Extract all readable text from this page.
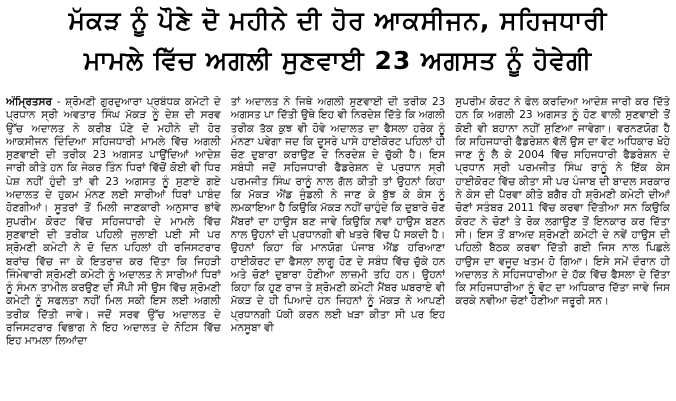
ਮੱਕੜ ਨੂੰ ਪੌਣੇ ਦੋ ਮਹੀਨੇ ਦੀ ਹੋਰ ਆਕਸੀਜਨ, ਸਹਿਜਧਾਰੀ
ਮਾਮਲੇ ਵਿੱਚ ਅਗਲੀ ਸੁਣਵਾਈ 23 ਅਗਸਤ ਨੂੰ ਹੋਵੇਗੀ
ਅੰਮ੍ਰਿਤਸਰ - ਸ਼੍ਰੋਮਣੀ ਗੁਰਦੁਆਰਾ ਪ੍ਰਬੰਧਕ ਕਮੇਟੀ ਦੇ ਪ੍ਰਧਾਨ ਸ੍ਰੀ ਅਵਤਾਰ ਸਿੰਘ ਮੱਕੜ ਨੂੰ ਦੇਸ਼ ਦੀ ਸਰਵ ਉੱਚ ਅਦਾਲਤ ਨੇ ਕਰੀਬ ਪੌਣੇ ਦੋ ਮਹੀਨੇ ਦੀ ਹੋਰ ਆਕਸੀਜਨ ਦਿੰਦਿਆ ਸਹਿਜਧਾਰੀ ਮਾਮਲੇ ਵਿੱਚ ਅਗਲੀ ਸੁਣਵਾਈ ਦੀ ਤਰੀਕ 23 ਅਗਸਤ ਪਾਉਂਦਿਆਂ ਆਦੇਸ਼ ਜਾਰੀ ਕੀਤੇ ਹਨ ਕਿ ਜੇਕਰ ਤਿੰਨ ਧਿਰਾਂ ਵਿੱਚੋਂ ਕੋਈ ਵੀ ਧਿਰ ਪੇਸ਼ ਨਹੀਂ ਹੁੰਦੀ ਤਾਂ ਵੀ 23 ਅਗਸਤ ਨੂੰ ਸੁਣਾਏ ਗਏ ਅਦਾਲਤ ਦੇ ਹੁਕਮ ਮੰਨਣ ਲਈ ਸਾਰੀਆਂ ਧਿਰਾਂ ਪਾਬੰਦ ਹੋਣਗੀਆਂ। ਸੂਤਰਾਂ ਤੋਂ ਮਿਲੀ ਜਾਣਕਾਰੀ ਅਨੁਸਾਰ ਭਾਂਵੇ ਸੁਪਰੀਮ ਕੋਰਟ ਵਿੱਚ ਸਹਿਜਧਾਰੀ ਦੇ ਮਾਮਲੇ ਵਿੱਚ ਸੁਣਵਾਈ ਦੀ ਤਰੀਕ ਪਹਿਲੀ ਜੁਲਾਈ ਪਈ ਸੀ ਪਰ ਸ਼੍ਰੋਮਣੀ ਕਮੇਟੀ ਨੇ ਦੋ ਦਿਨ ਪਹਿਲਾਂ ਹੀ ਰਜਿਸਟਰਾਰ ਬਰਾਂਚ ਵਿੱਚ ਜਾ ਕੇ ਇਤਰਾਜ਼ ਕਰ ਦਿੱਤਾ ਕਿ ਜਿਹੜੀ ਜਿੰਮੇਵਾਰੀ ਸ਼੍ਰੋਮਣੀ ਕਮੇਟੀ ਨੂੰ ਅਦਾਲਤ ਨੇ ਸਾਰੀਆਂ ਧਿਰਾਂ ਨੂੰ ਸੰਮਨ ਤਾਮੀਲ ਕਰਉਣ ਦੀ ਸੌਂਪੀ ਸੀ ਉਸ ਵਿੱਚ ਸ਼੍ਰੋਮਣੀ ਕਮੇਟੀ ਨੂੰ ਸਫਲਤਾ ਨਹੀਂ ਮਿਲ ਸਕੀ ਇਸ ਲਈ ਅਗਲੀ ਤਰੀਕ ਦਿੱਤੀ ਜਾਵੇ। ਜਦੋਂ ਸਰਵ ਉੱਚ ਅਦਾਲਤ ਦੇ ਰਜਿਸਟਰਾਰ ਵਿਭਾਗ ਨੇ ਇਹ ਅਦਾਲਤ ਦੇ ਨੋਟਿਸ ਵਿੱਚ ਇਹ ਮਾਮਲਾ ਲਿਆਂਦਾ
ਤਾਂ ਅਦਾਲਤ ਨੇ ਜਿਥੇ ਅਗਲੀ ਸੁਣਵਾਈ ਦੀ ਤਰੀਕ 23 ਅਗਸਤ ਪਾ ਦਿੱਤੀ ਉਥੇ ਇਹ ਵੀ ਨਿਰਦੇਸ਼ ਦਿੱਤੇ ਕਿ ਅਗਲੀ ਤਰੀਕ ਤੱਕ ਕੁਝ ਵੀ ਹੋਵੇ ਅਦਾਲਤ ਦਾ ਫੈਸਲਾ ਹਰੇਕ ਨੂੰ ਮੰਨਣਾ ਪਵੇਗਾ ਜਦ ਕਿ ਦੂਸਰੇ ਪਾਸੇ ਹਾਈਕੋਰਟ ਪਹਿਲਾਂ ਹੀ ਚੋਣ ਦੁਬਾਰਾ ਕਰਾਉਣ ਦੇ ਨਿਰਦੇਸ਼ ਦੇ ਚੁੱਕੀ ਹੈ। ਇਸ ਸਬੰਧੀ ਜਦੋਂ ਸਹਿਜਧਾਰੀ ਫੈਡਰੇਸ਼ਨ ਦੇ ਪ੍ਰਧਾਨ ਸ੍ਰੀ ਪਰਮਜੀਤ ਸਿੰਘ ਰਾਨੂੰ ਨਾਲ ਗੱਲ ਕੀਤੀ ਤਾਂ ਉਹਨਾਂ ਕਿਹਾ ਕਿ ਮੱਕੜ ਐਂਡ ਜੁੰਡਲੀ ਨੇ ਜਾਣ ਕੇ ਬੁੱਝ ਕੇ ਕੇਸ ਨੂੰ ਲਮਕਾਇਆ ਹੈ ਕਿਉਕਿ ਮੱਕੜ ਨਹੀਂ ਚਾਹੁੰਦੇ ਕਿ ਦੁਬਾਰੇ ਚੋਣ ਮੈਂਬਰਾਂ ਦਾ ਹਾਉਸ ਬਣ ਜਾਵੇ ਕਿਉਕਿ ਨਵਾਂ ਹਾਉਸ ਬਣਨ ਨਾਲ ਉਹਨਾਂ ਦੀ ਪ੍ਰਧਾਨਗੀ ਵੀ ਖਤਰੇ ਵਿੱਚ ਪੈ ਸਕਦੀ ਹੈ। ਉਹਨਾਂ ਕਿਹਾ ਕਿ ਮਾਨਯੋਗ ਪੰਜਾਬ ਐਂਡ ਹਰਿਆਣਾ ਹਾਈਕੋਰਟ ਦਾ ਫੈਸਲਾ ਲਾਗੂ ਹੋਣ ਦੇ ਸਬੰਧ ਵਿੱਚ ਚੁੱਕੇ ਹਨ ਅਤੇ ਚੋਣਾਂ ਦੁਬਾਰਾ ਹੋਣੀਆ ਲਾਜ਼ਮੀ ਤਹਿ ਹਨ। ਉਹਨਾਂ ਕਿਹਾ ਕਿ ਹੁਣ ਰਾਜ ਤੇ ਸ਼੍ਰੋਮਣੀ ਕਮੇਟੀ ਮੈਂਬਰ ਘਬਰਾਏ ਵੀ ਮੱਕੜ ਦੇ ਹੀ ਪਿਆਦੇ ਹਨ ਜਿਹਨਾਂ ਨੂੰ ਮੱਕੜ ਨੇ ਆਪਣੀ ਪ੍ਰਧਾਨਗੀ ਪੱਕੀ ਕਰਨ ਲਈ ਖੜਾ ਕੀਤਾ ਸੀ ਪਰ ਇਹ ਮਨਸੂਬਾ ਵੀ
ਸੁਪਰੀਮ ਕੋਰਟ ਨੇ ਫੇਲ ਕਰਦਿਆ ਆਦੇਸ਼ ਜਾਰੀ ਕਰ ਦਿੱਤੇ ਹਨ ਕਿ ਅਗਲੀ 23 ਅਗਸਤ ਨੂੰ ਹੋਣ ਵਾਲੀ ਸੁਣਵਾਈ ਤੋਂ ਕੋਈ ਵੀ ਬਹਾਨਾ ਨਹੀਂ ਸੁਣਿਆ ਜਾਵੇਗਾ। ਵਰਨਣਯੋਗ ਹੈ ਕਿ ਸਹਿਜਧਾਰੀ ਫੈਡਰੇਸ਼ਨ ਵੱਲੋਂ ਉਸ ਦਾ ਵੋਟ ਅਧਿਕਾਰ ਖੋਹੇ ਜਾਣ ਨੂੰ ਲੈ ਕੇ 2004 ਵਿੱਚ ਸਹਿਜਧਾਰੀ ਫੈਡਰੇਸ਼ਨ ਦੇ ਪ੍ਰਧਾਨ ਸ੍ਰੀ ਪਰਮਜੀਤ ਸਿੰਘ ਰਾਨੂੰ ਨੇ ਇੱਕ ਕੇਸ ਹਾਈਕੋਰਟ ਵਿੱਚ ਕੀਤਾ ਸੀ ਪਰ ਪੰਜਾਬ ਦੀ ਬਾਦਲ ਸਰਕਾਰ ਨੇ ਕੇਸ ਦੀ ਪੈਰਵਾ ਕੀਤੇ ਬਗੈਰ ਹੀ ਸ਼੍ਰੋਮਣੀ ਕਮੇਟੀ ਦੀਆਂ ਚੋਣਾਂ ਸਤੰਬਰ 2011 ਵਿੱਚ ਕਰਵਾ ਦਿੱਤੀਆ ਸਨ ਕਿਉਕਿ ਕੋਰਟ ਨੇ ਚੋਣਾਂ ਤੇ ਰੋਕ ਲਗਾਉਣ ਤੋਂ ਇਨਕਾਰ ਕਰ ਦਿੱਤਾ ਸੀ। ਇਸ ਤੋਂ ਬਾਅਦ ਸ਼੍ਰੋਮਣੀ ਕਮੇਟੀ ਦੇ ਨਵੇਂ ਹਾਉਸ ਦੀ ਪਹਿਲੀ ਬੈਠਕ ਕਰਵਾ ਦਿੱਤੀ ਗਈ ਜਿਸ ਨਾਲ ਪਿਛਲੇ ਹਾਉਸ ਦਾ ਵਜੂਦ ਖਤਮ ਹੋ ਗਿਆ। ਇਸੇ ਸਮੇਂ ਦੌਰਾਨ ਹੀ ਅਦਾਲਤ ਨੇ ਸਹਿਜਧਾਰੀਆ ਦੇ ਹੱਕ ਵਿੱਚ ਫੈਸਲਾ ਦੇ ਦਿੱਤਾ ਕਿ ਸਹਿਜਧਾਰੀਆ ਨੂੰ ਵੋਟ ਦਾ ਅਧਿਕਾਰ ਦਿੱਤਾ ਜਾਵੇ ਜਿਸ ਕਰਕੇ ਨਵੀਆ ਚੋਣਾਂ ਹੋਣੀਆ ਜਰੂਰੀ ਸਨ।
